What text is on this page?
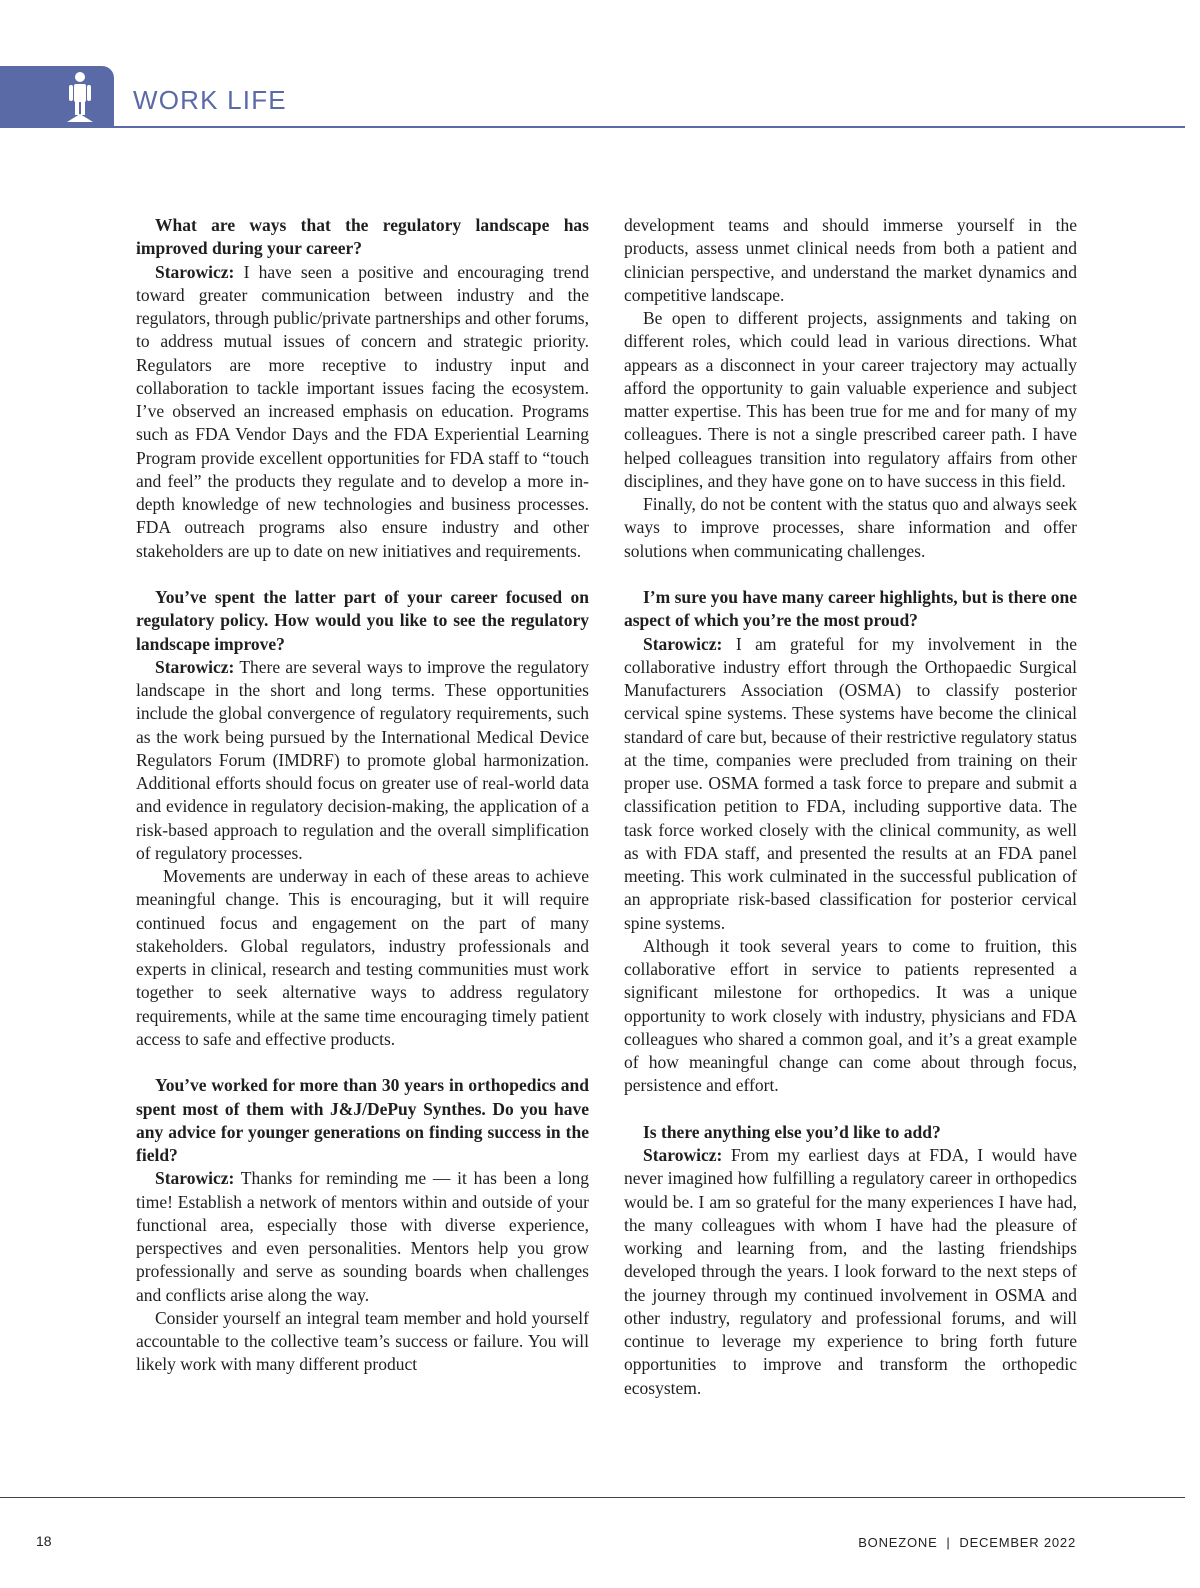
WORK LIFE

What are ways that the regulatory landscape has improved during your career?

Starowicz: I have seen a positive and encouraging trend toward greater communication between industry and the regulators, through public/private partnerships and other forums, to address mutual issues of concern and strategic priority. Regulators are more receptive to industry input and collaboration to tackle important issues facing the ecosystem. I’ve observed an increased emphasis on education. Programs such as FDA Vendor Days and the FDA Experiential Learning Program provide excellent opportunities for FDA staff to “touch and feel” the products they regulate and to develop a more in-depth knowledge of new technologies and business processes. FDA outreach programs also ensure industry and other stakeholders are up to date on new initiatives and requirements.

You’ve spent the latter part of your career focused on regulatory policy. How would you like to see the regulatory landscape improve?

Starowicz: There are several ways to improve the regulatory landscape in the short and long terms. These opportunities include the global convergence of regulatory requirements, such as the work being pursued by the International Medical Device Regulators Forum (IMDRF) to promote global harmonization. Additional efforts should focus on greater use of real-world data and evidence in regulatory decision-making, the application of a risk-based approach to regulation and the overall simplification of regulatory processes.

Movements are underway in each of these areas to achieve meaningful change. This is encouraging, but it will require continued focus and engagement on the part of many stakeholders. Global regulators, industry professionals and experts in clinical, research and testing communities must work together to seek alternative ways to address regulatory requirements, while at the same time encouraging timely patient access to safe and effective products.

You’ve worked for more than 30 years in orthopedics and spent most of them with J&J/DePuy Synthes. Do you have any advice for younger generations on finding success in the field?

Starowicz: Thanks for reminding me — it has been a long time! Establish a network of mentors within and outside of your functional area, especially those with diverse experience, perspectives and even personalities. Mentors help you grow professionally and serve as sounding boards when challenges and conflicts arise along the way.

Consider yourself an integral team member and hold yourself accountable to the collective team’s success or failure. You will likely work with many different product

development teams and should immerse yourself in the products, assess unmet clinical needs from both a patient and clinician perspective, and understand the market dynamics and competitive landscape.

Be open to different projects, assignments and taking on different roles, which could lead in various directions. What appears as a disconnect in your career trajectory may actually afford the opportunity to gain valuable experience and subject matter expertise. This has been true for me and for many of my colleagues. There is not a single prescribed career path. I have helped colleagues transition into regulatory affairs from other disciplines, and they have gone on to have success in this field.

Finally, do not be content with the status quo and always seek ways to improve processes, share information and offer solutions when communicating challenges.

I’m sure you have many career highlights, but is there one aspect of which you’re the most proud?

Starowicz: I am grateful for my involvement in the collaborative industry effort through the Orthopaedic Surgical Manufacturers Association (OSMA) to classify posterior cervical spine systems. These systems have become the clinical standard of care but, because of their restrictive regulatory status at the time, companies were precluded from training on their proper use. OSMA formed a task force to prepare and submit a classification petition to FDA, including supportive data. The task force worked closely with the clinical community, as well as with FDA staff, and presented the results at an FDA panel meeting. This work culminated in the successful publication of an appropriate risk-based classification for posterior cervical spine systems.

Although it took several years to come to fruition, this collaborative effort in service to patients represented a significant milestone for orthopedics. It was a unique opportunity to work closely with industry, physicians and FDA colleagues who shared a common goal, and it’s a great example of how meaningful change can come about through focus, persistence and effort.

Is there anything else you’d like to add?

Starowicz: From my earliest days at FDA, I would have never imagined how fulfilling a regulatory career in orthopedics would be. I am so grateful for the many experiences I have had, the many colleagues with whom I have had the pleasure of working and learning from, and the lasting friendships developed through the years. I look forward to the next steps of the journey through my continued involvement in OSMA and other industry, regulatory and professional forums, and will continue to leverage my experience to bring forth future opportunities to improve and transform the orthopedic ecosystem.

18	BONEZONE  |  DECEMBER 2022
